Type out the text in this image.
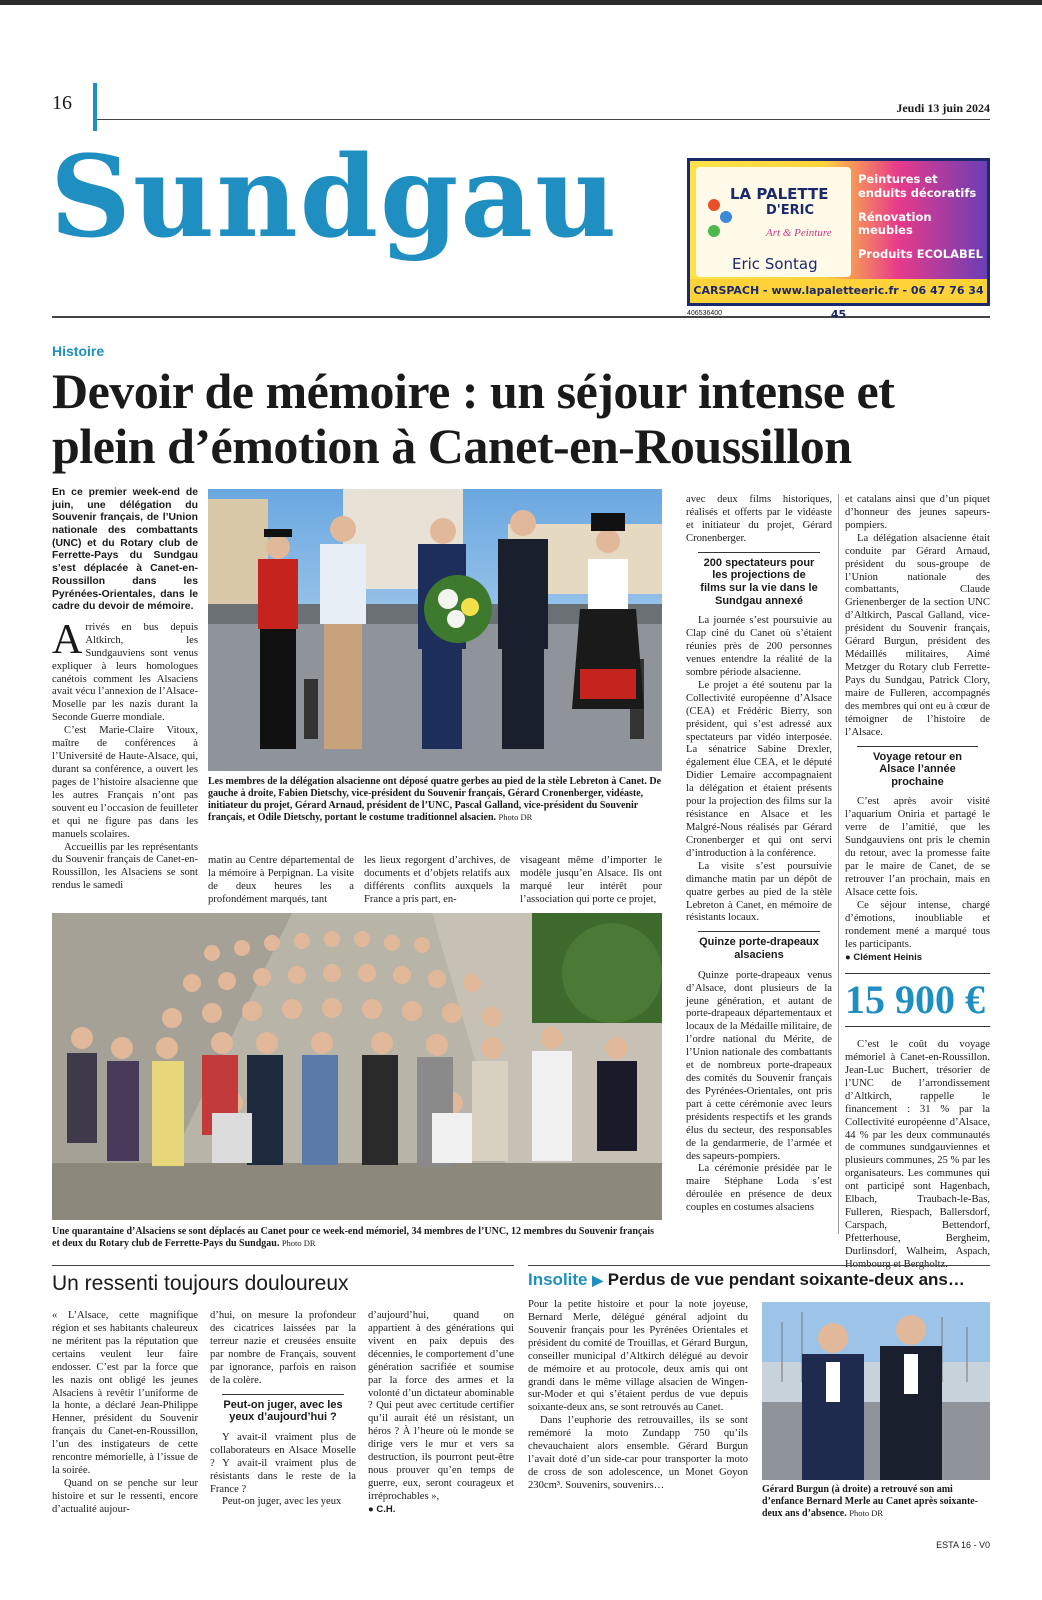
16	Jeudi 13 juin 2024
Sundgau	LA PALETTE
D'ERIC
Art & Peinture
Eric Sontag
Peintures et enduits décoratifs
Rénovation meubles
Produits ECOLABEL
CARSPACH - www.lapaletteeric.fr - 06 47 76 34 45
406536400
Histoire
Devoir de mémoire : un séjour intense et plein d’émotion à Canet-en-Roussillon

En ce premier week-end de juin, une délégation du Souvenir français, de l’Union nationale des combattants (UNC) et du Rotary club de Ferrette-Pays du Sundgau s’est déplacée à Canet-en-Roussillon dans les Pyrénées-Orientales, dans le cadre du devoir de mémoire.

Arrivés en bus depuis Altkirch, les Sundgauviens sont venus expliquer à leurs homologues canétois comment les Alsaciens avait vécu l’annexion de l’Alsace-Moselle par les nazis durant la Seconde Guerre mondiale.

C’est Marie-Claire Vitoux, maître de conférences à l’Université de Haute-Alsace, qui, durant sa conférence, a ouvert les pages de l’histoire alsacienne que les autres Français n’ont pas souvent eu l’occasion de feuilleter et qui ne figure pas dans les manuels scolaires.

Accueillis par les représentants du Souvenir français de Canet-en-Roussillon, les Alsaciens se sont rendus le samedi

Les membres de la délégation alsacienne ont déposé quatre gerbes au pied de la stèle Lebreton à Canet. De gauche à droite, Fabien Dietschy, vice-président du Souvenir français, Gérard Cronenberger, vidéaste, initiateur du projet, Gérard Arnaud, président de l’UNC, Pascal Galland, vice-président du Souvenir français, et Odile Dietschy, portant le costume traditionnel alsacien. Photo DR

matin au Centre départemental de la mémoire à Perpignan. La visite de deux heures les a profondément marqués, tant

les lieux regorgent d’archives, de documents et d’objets relatifs aux différents conflits auxquels la France a pris part, en-

visageant même d’importer le modèle jusqu’en Alsace. Ils ont marqué leur intérêt pour l’association qui porte ce projet,

avec deux films historiques, réalisés et offerts par le vidéaste et initiateur du projet, Gérard Cronenberger.

200 spectateurs pour les projections de films sur la vie dans le Sundgau annexé

La journée s’est poursuivie au Clap ciné du Canet où s’étaient réunies près de 200 personnes venues entendre la réalité de la sombre période alsacienne.

Le projet a été soutenu par la Collectivité européenne d’Alsace (CEA) et Frédéric Bierry, son président, qui s’est adressé aux spectateurs par vidéo interposée. La sénatrice Sabine Drexler, également élue CEA, et le député Didier Lemaire accompagnaient la délégation et étaient présents pour la projection des films sur la résistance en Alsace et les Malgré-Nous réalisés par Gérard Cronenberger et qui ont servi d’introduction à la conférence.

La visite s’est poursuivie dimanche matin par un dépôt de quatre gerbes au pied de la stèle Lebreton à Canet, en mémoire de résistants locaux.

Quinze porte-drapeaux alsaciens

Quinze porte-drapeaux venus d’Alsace, dont plusieurs de la jeune génération, et autant de porte-drapeaux départementaux et locaux de la Médaille militaire, de l’ordre national du Mérite, de l’Union nationale des combattants et de nombreux porte-drapeaux des comités du Souvenir français des Pyrénées-Orientales, ont pris part à cette cérémonie avec leurs présidents respectifs et les grands élus du secteur, des responsables de la gendarmerie, de l’armée et des sapeurs-pompiers.

La cérémonie présidée par le maire Stéphane Loda s’est déroulée en présence de deux couples en costumes alsaciens

et catalans ainsi que d’un piquet d’honneur des jeunes sapeurs-pompiers.

La délégation alsacienne était conduite par Gérard Arnaud, président du sous-groupe de l’Union nationale des combattants, Claude Grienenberger de la section UNC d’Altkirch, Pascal Galland, vice-président du Souvenir français, Gérard Burgun, président des Médaillés militaires, Aimé Metzger du Rotary club Ferrette-Pays du Sundgau, Patrick Clory, maire de Fulleren, accompagnés des membres qui ont eu à cœur de témoigner de l’histoire de l’Alsace.

Voyage retour en Alsace l’année prochaine

C’est après avoir visité l’aquarium Oniria et partagé le verre de l’amitié, que les Sundgauviens ont pris le chemin du retour, avec la promesse faite par le maire de Canet, de se retrouver l’an prochain, mais en Alsace cette fois.

Ce séjour intense, chargé d’émotions, inoubliable et rondement mené a marqué tous les participants.

● Clément Heinis

15 900 €

C’est le coût du voyage mémoriel à Canet-en-Roussillon. Jean-Luc Buchert, trésorier de l’UNC de l’arrondissement d’Altkirch, rappelle le financement : 31 % par la Collectivité européenne d’Alsace, 44 % par les deux communautés de communes sundgauviennes et plusieurs communes, 25 % par les organisateurs. Les communes qui ont participé sont Hagenbach, Elbach, Traubach-le-Bas, Fulleren, Riespach, Ballersdorf, Carspach, Bettendorf, Pfetterhouse, Bergheim, Durlinsdorf, Walheim, Aspach,

Une quarantaine d’Alsaciens se sont déplacés au Canet pour ce week-end mémoriel, 34 membres de l’UNC, 12 membres du Souvenir français et deux du Rotary club de Ferrette-Pays du Sundgau. Photo DR
Un ressenti toujours douloureux

« L’Alsace, cette magnifique région et ses habitants chaleureux ne méritent pas la réputation que certains veulent leur faire endosser. C’est par la force que les nazis ont obligé les jeunes Alsaciens à revêtir l’uniforme de la honte, a déclaré Jean-Philippe Henner, président du Souvenir français du Canet-en-Roussillon, l’un des instigateurs de cette rencontre mémorielle, à l’issue de la soirée.

Quand on se penche sur leur histoire et sur le ressenti, encore d’actualité aujour-

d’hui, on mesure la profondeur des cicatrices laissées par la terreur nazie et creusées ensuite par nombre de Français, souvent par ignorance, parfois en raison de la colère.

Peut-on juger, avec les yeux d’aujourd’hui ?

Y avait-il vraiment plus de collaborateurs en Alsace Moselle ? Y avait-il vraiment plus de résistants dans le reste de la France ?

Peut-on juger, avec les yeux

d’aujourd’hui, quand on appartient à des générations qui vivent en paix depuis des décennies, le comportement d’une génération sacrifiée et soumise par la force des armes et la volonté d’un dictateur abominable ? Qui peut avec certitude certifier qu’il aurait été un résistant, un héros ? À l’heure où le monde se dirige vers le mur et vers sa destruction, ils pourront peut-être nous prouver qu’en temps de guerre, eux, seront courageux et irréprochables »,

● C.H.

Insolite ▶ Perdus de vue pendant soixante-deux ans…

Pour la petite histoire et pour la note joyeuse, Bernard Merle, délégué général adjoint du Souvenir français pour les Pyrénées Orientales et président du comité de Trouillas, et Gérard Burgun, conseiller municipal d’Altkirch délégué au devoir de mémoire et au protocole, deux amis qui ont grandi dans le même village alsacien de Wingen-sur-Moder et qui s’étaient perdus de vue depuis soixante-deux ans, se sont retrouvés au Canet.

Dans l’euphorie des retrouvailles, ils se sont remémoré la moto Zundapp 750 qu’ils chevauchaient alors ensemble. Gérard Burgun l’avait doté d’un side-car pour transporter la moto de cross de son adolescence, un Monet Goyon 230cm³. Souvenirs, souvenirs…	Gérard Burgun (à droite) a retrouvé son ami d’enfance Bernard Merle au Canet après soixante-deux ans d’absence. Photo DR
ESTA 16 - V0
